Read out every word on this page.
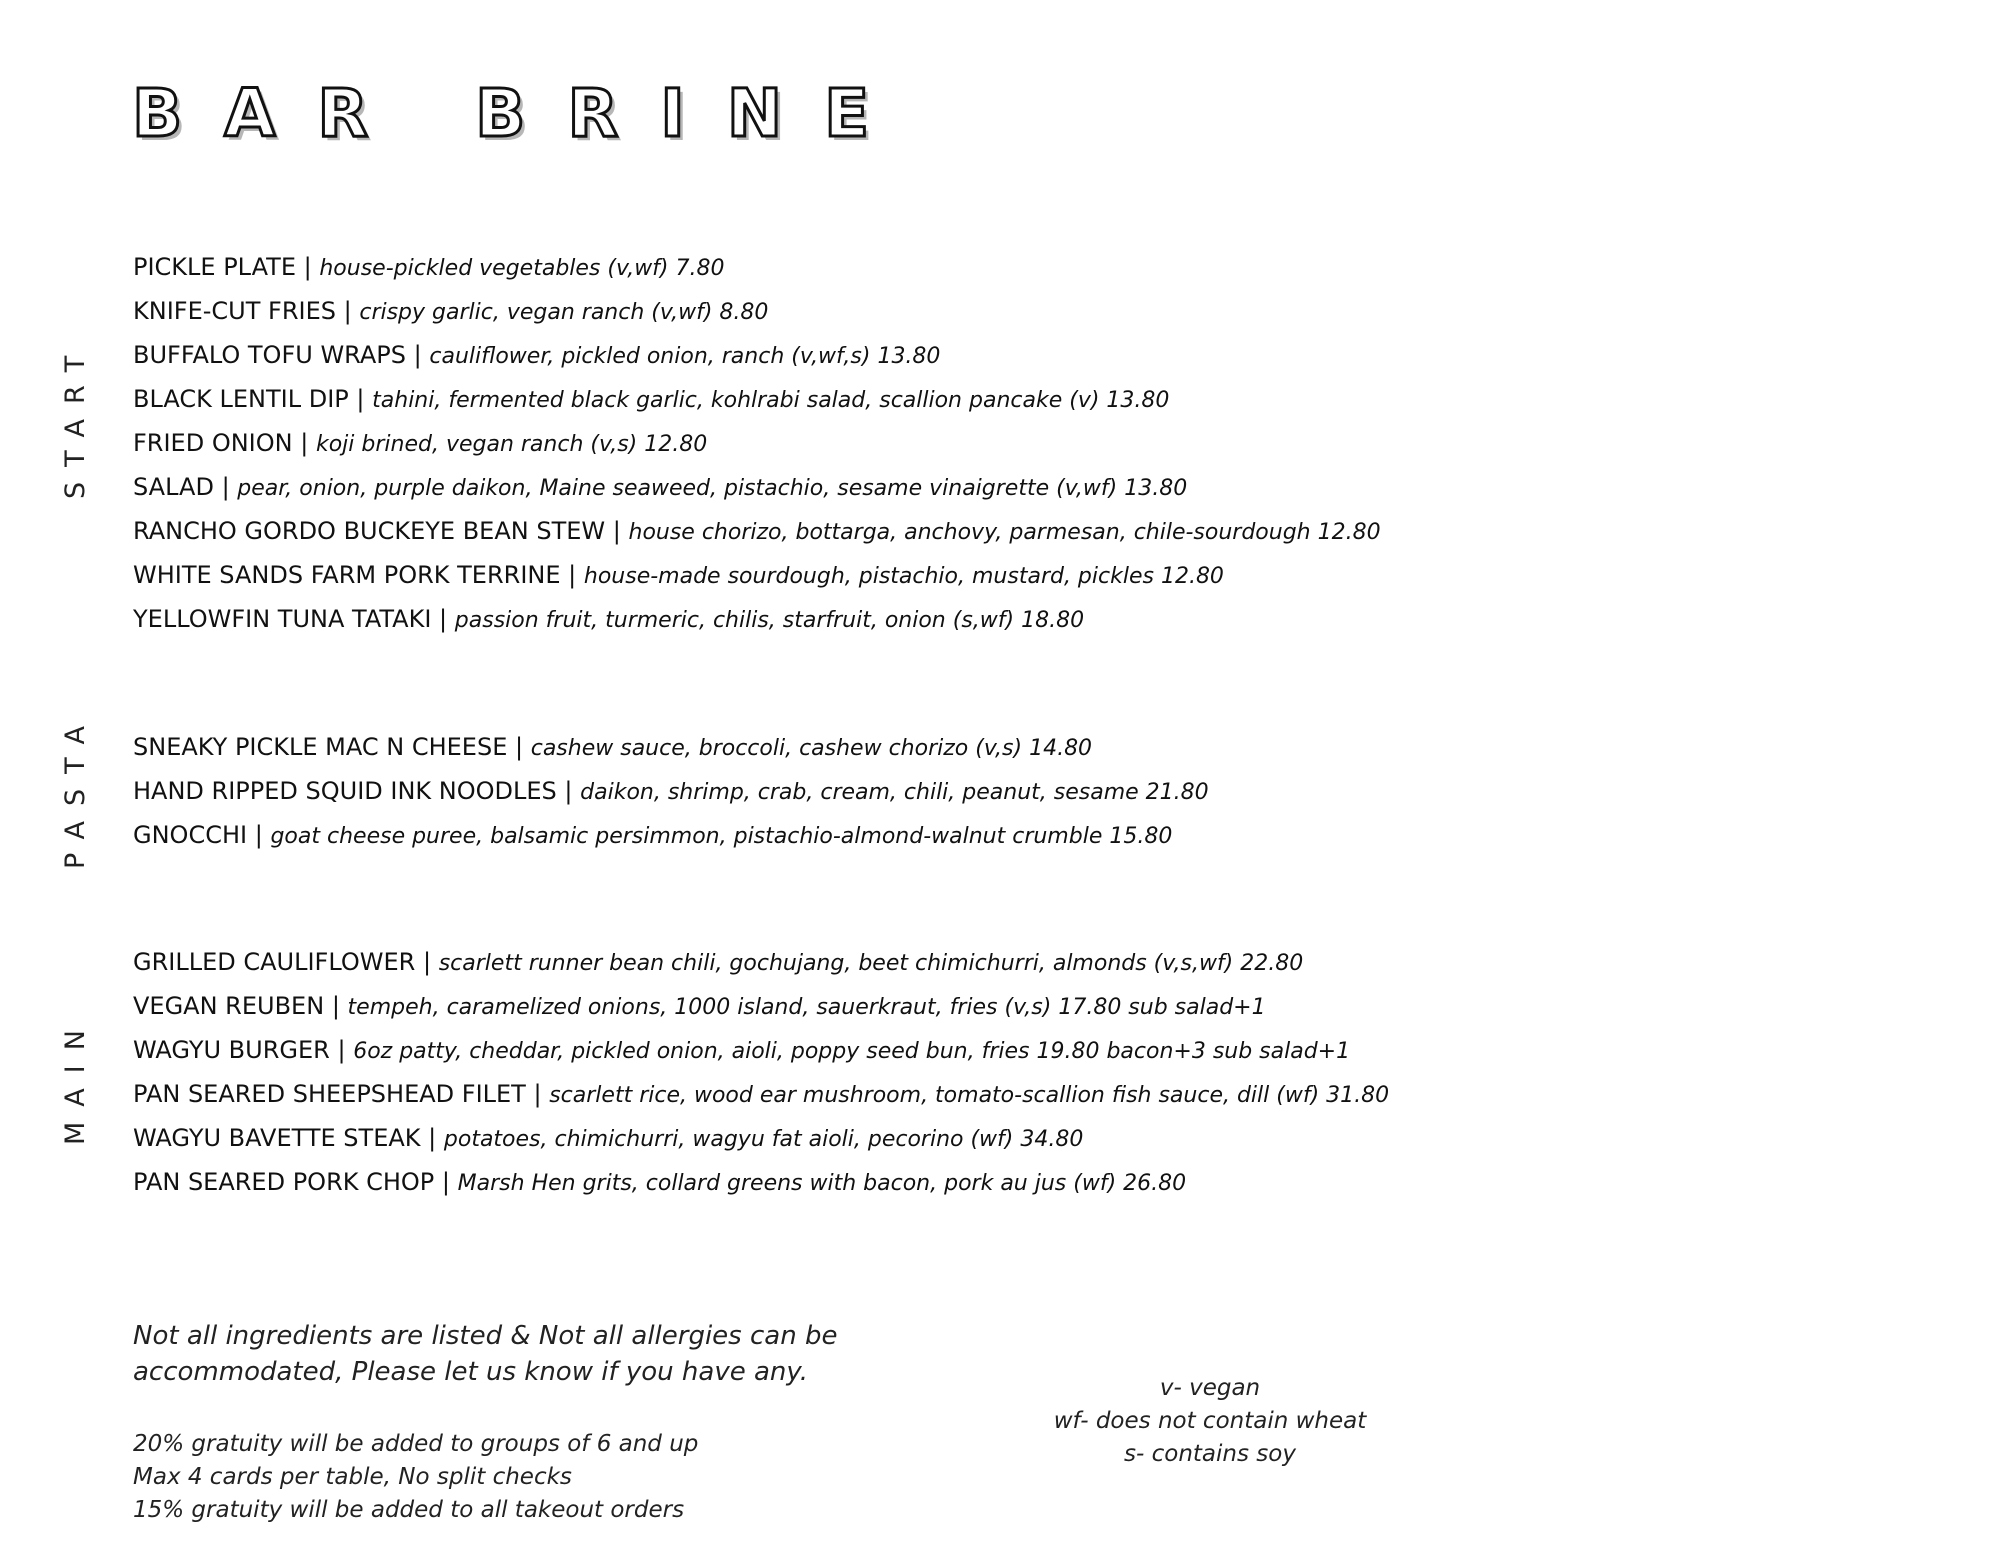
BAR BRINE
START
PICKLE PLATE | house-pickled vegetables (v,wf) 7.80
KNIFE-CUT FRIES | crispy garlic, vegan ranch (v,wf) 8.80
BUFFALO TOFU WRAPS | cauliflower, pickled onion, ranch (v,wf,s) 13.80
BLACK LENTIL DIP | tahini, fermented black garlic, kohlrabi salad, scallion pancake (v) 13.80
FRIED ONION | koji brined, vegan ranch (v,s) 12.80
SALAD | pear, onion, purple daikon, Maine seaweed, pistachio, sesame vinaigrette (v,wf) 13.80
RANCHO GORDO BUCKEYE BEAN STEW | house chorizo, bottarga, anchovy, parmesan, chile-sourdough 12.80
WHITE SANDS FARM PORK TERRINE | house-made sourdough, pistachio, mustard, pickles 12.80
YELLOWFIN TUNA TATAKI | passion fruit, turmeric, chilis, starfruit, onion (s,wf) 18.80
PASTA SNEAKY PICKLE MAC N CHEESE | cashew sauce, broccoli, cashew chorizo (v,s) 14.80
HAND RIPPED SQUID INK NOODLES | daikon, shrimp, crab, cream, chili, peanut, sesame 21.80
GNOCCHI | goat cheese puree, balsamic persimmon, pistachio-almond-walnut crumble 15.80
MAIN
GRILLED CAULIFLOWER | scarlett runner bean chili, gochujang, beet chimichurri, almonds (v,s,wf) 22.80
VEGAN REUBEN | tempeh, caramelized onions, 1000 island, sauerkraut, fries (v,s) 17.80 sub salad+1
WAGYU BURGER | 6oz patty, cheddar, pickled onion, aioli, poppy seed bun, fries 19.80 bacon+3 sub salad+1
PAN SEARED SHEEPSHEAD FILET | scarlett rice, wood ear mushroom, tomato-scallion fish sauce, dill (wf) 31.80
WAGYU BAVETTE STEAK | potatoes, chimichurri, wagyu fat aioli, pecorino (wf) 34.80
PAN SEARED PORK CHOP | Marsh Hen grits, collard greens with bacon, pork au jus (wf) 26.80
Not all ingredients are listed & Not all allergies can be
accommodated, Please let us know if you have any.
20% gratuity will be added to groups of 6 and up
Max 4 cards per table, No split checks
15% gratuity will be added to all takeout orders
v- vegan
wf- does not contain wheat
s- contains soy
